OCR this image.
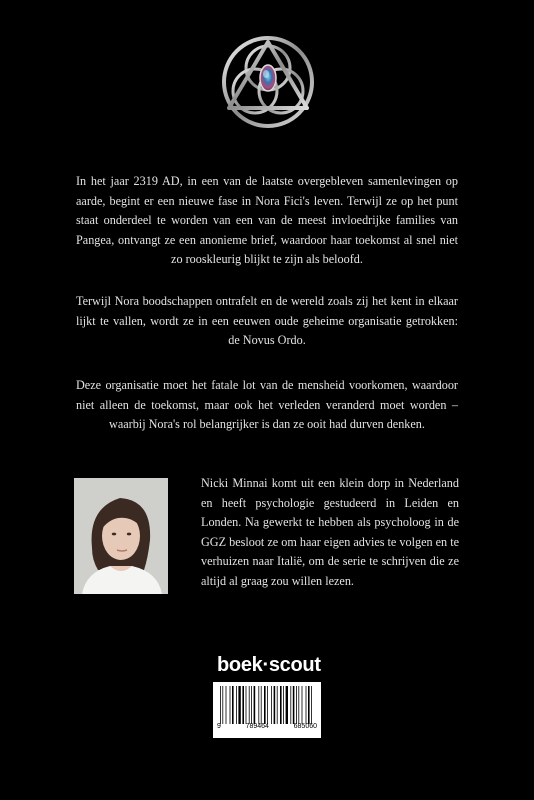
In het jaar 2319 AD, in een van de laatste overgebleven samenlevingen op aarde, begint er een nieuwe fase in Nora Fici's leven. Terwijl ze op het punt staat onderdeel te worden van een van de meest invloedrijke families van Pangea, ontvangt ze een anonieme brief, waardoor haar toekomst al snel niet zo rooskleurig blijkt te zijn als beloofd.

Terwijl Nora boodschappen ontrafelt en de wereld zoals zij het kent in elkaar lijkt te vallen, wordt ze in een eeuwen oude geheime organisatie getrokken: de Novus Ordo.

Deze organisatie moet het fatale lot van de mensheid voorkomen, waardoor niet alleen de toekomst, maar ook het verleden veranderd moet worden – waarbij Nora's rol belangrijker is dan ze ooit had durven denken.

Nicki Minnai komt uit een klein dorp in Nederland en heeft psychologie gestudeerd in Leiden en Londen. Na gewerkt te hebben als psycholoog in de GGZ besloot ze om haar eigen advies te volgen en te verhuizen naar Italië, om de serie te schrijven die ze altijd al graag zou willen lezen.

boek·scout
9	789464	685060
